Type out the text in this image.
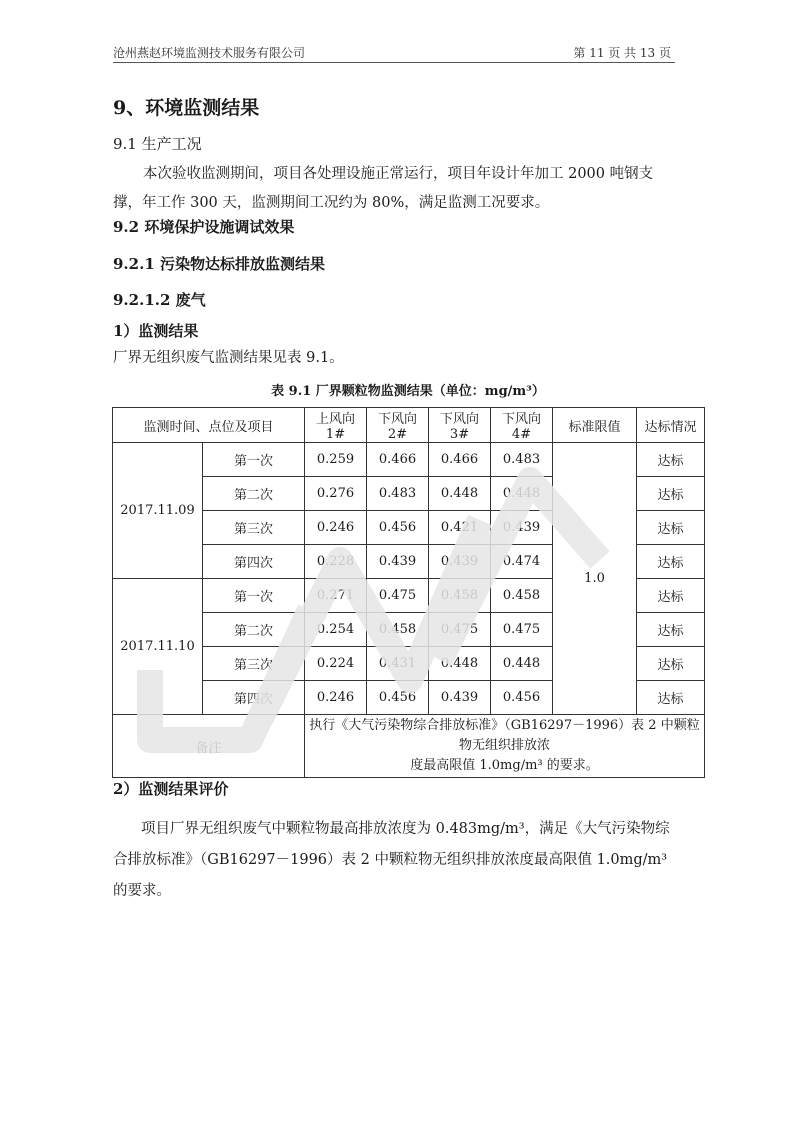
沧州燕赵环境监测技术服务有限公司	第 11 页 共 13 页
9、环境监测结果
9.1 生产工况
本次验收监测期间，项目各处理设施正常运行，项目年设计年加工 2000 吨钢支撑，年工作 300 天，监测期间工况约为 80%，满足监测工况要求。
9.2 环境保护设施调试效果
9.2.1 污染物达标排放监测结果
9.2.1.2 废气
1）监测结果
厂界无组织废气监测结果见表 9.1。
表 9.1 厂界颗粒物监测结果（单位：mg/m³）
监测时间、点位及项目		上风向 1#	下风向 2#	下风向 3#	下风向 4#	标准限值	达标情况
2017.11.09	第一次	0.259	0.466	0.466	0.483	1.0	达标
	第二次	0.276	0.483	0.448	0.448		达标
	第三次	0.246	0.456	0.421	0.439		达标
	第四次	0.228	0.439	0.439	0.474		达标
2017.11.10	第一次	0.271	0.475	0.458	0.458		达标
	第二次	0.254	0.458	0.475	0.475		达标
	第三次	0.224	0.431	0.448	0.448		达标
	第四次	0.246	0.456	0.439	0.456		达标
备注		执行《大气污染物综合排放标准》（GB16297－1996）表 2 中颗粒物无组织排放浓
度最高限值 1.0mg/m³ 的要求。					
2）监测结果评价
项目厂界无组织废气中颗粒物最高排放浓度为 0.483mg/m³，满足《大气污染物综合排放标准》（GB16297－1996）表 2 中颗粒物无组织排放浓度最高限值 1.0mg/m³ 的要求。
